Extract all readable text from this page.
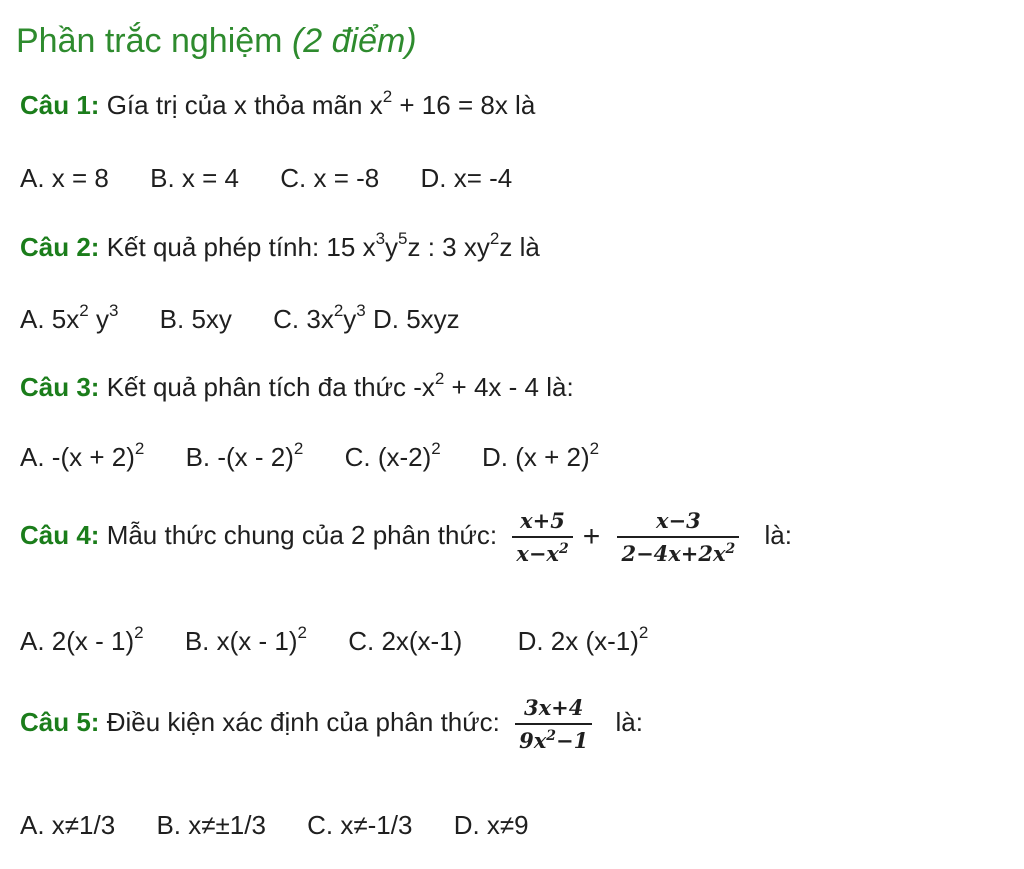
Phần trắc nghiệm (2 điểm)
Câu 1: Gía trị của x thỏa mãn $x^2 + 16 = 8x$ là
A. x = 8 B. x = 4 C. x = -8 D. x= -4
Câu 2: Kết quả phép tính: 15 $x^3y^5z$ : 3 $xy^2z$ là
A. $5x^2$ $y^3$ B. 5xy C. $3x^2y^3$ D. 5xyz
Câu 3: Kết quả phân tích đa thức $-x^2 + 4x - 4$ là:
A. $-(x + 2)^2$ B. -(x - 2)$^2$ C. $(x-2)^2$ D. $(x + 2)^2$
Câu 4: Mẫu thức chung của 2 phân thức: $\frac{x+5}{x-x^2} + \frac{x-3}{2-4x+2x^2}$ là:
A. 2(x - 1)$^2$ B. x(x - 1)$^2$ C. 2x(x-1) D. 2x $(x-1)^2$
Câu 5: Điều kiện xác định của phân thức: $\frac{3x+4}{9x^2-1}$ là:
A. x≠1/3 B. x≠±1/3 C. x≠-1/3 D. x≠9
